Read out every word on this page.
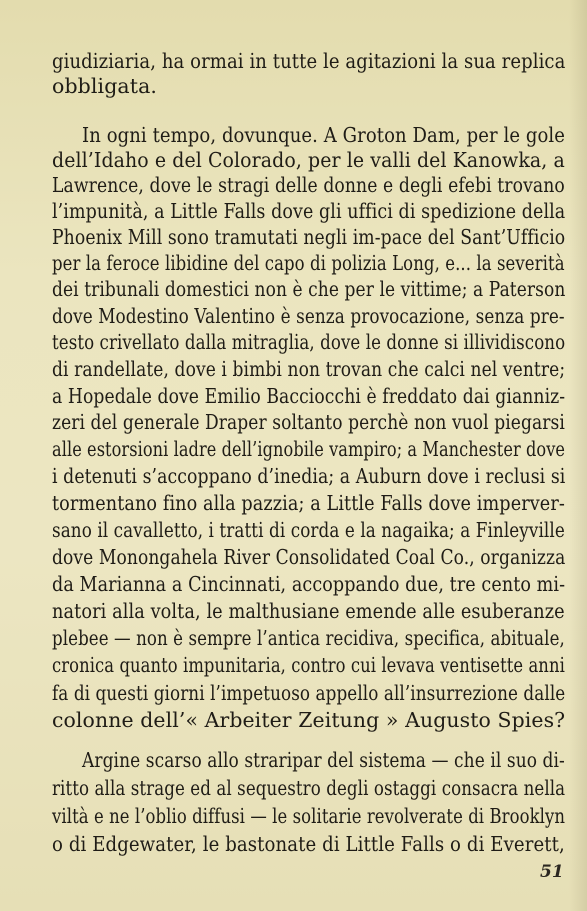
giudiziaria, ha ormai in tutte le agitazioni la sua replica
obbligata.
In ogni tempo, dovunque. A Groton Dam, per le gole
dell’Idaho e del Colorado, per le valli del Kanowka, a
Lawrence, dove le stragi delle donne e degli efebi trovano
l’impunità, a Little Falls dove gli uffici di spedizione della
Phoenix Mill sono tramutati negli im-pace del Sant’Ufficio
per la feroce libidine del capo di polizia Long, e... la severità
dei tribunali domestici non è che per le vittime; a Paterson
dove Modestino Valentino è senza provocazione, senza pre-
testo crivellato dalla mitraglia, dove le donne si illividiscono
di randellate, dove i bimbi non trovan che calci nel ventre;
a Hopedale dove Emilio Bacciocchi è freddato dai gianniz-
zeri del generale Draper soltanto perchè non vuol piegarsi
alle estorsioni ladre dell’ignobile vampiro; a Manchester dove
i detenuti s’accoppano d’inedia; a Auburn dove i reclusi si
tormentano fino alla pazzia; a Little Falls dove imperver-
sano il cavalletto, i tratti di corda e la nagaika; a Finleyville
dove Monongahela River Consolidated Coal Co., organizza
da Marianna a Cincinnati, accoppando due, tre cento mi-
natori alla volta, le malthusiane emende alle esuberanze
plebee — non è sempre l’antica recidiva, specifica, abituale,
cronica quanto impunitaria, contro cui levava ventisette anni
fa di questi giorni l’impetuoso appello all’insurrezione dalle
colonne dell’« Arbeiter Zeitung » Augusto Spies?
Argine scarso allo straripar del sistema — che il suo di-
ritto alla strage ed al sequestro degli ostaggi consacra nella
viltà e ne l’oblio diffusi — le solitarie revolverate di Brooklyn
o di Edgewater, le bastonate di Little Falls o di Everett,
51
